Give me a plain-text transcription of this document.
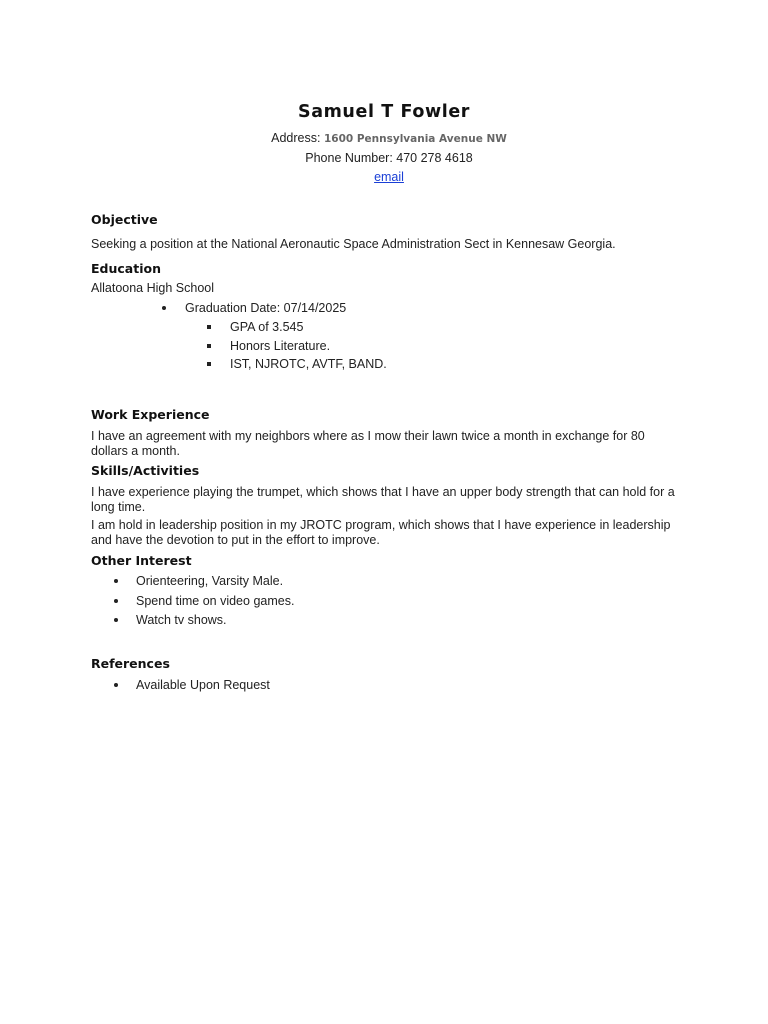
Samuel T Fowler
Address: 1600 Pennsylvania Avenue NW
Phone Number: 470 278 4618
email
Objective
Seeking a position at the National Aeronautic Space Administration Sect in Kennesaw Georgia.
Education
Allatoona High School
Graduation Date: 07/14/2025
GPA of 3.545
Honors Literature.
IST, NJROTC, AVTF, BAND.
Work Experience
I have an agreement with my neighbors where as I mow their lawn twice a month in exchange for 80 dollars a month.
Skills/Activities
I have experience playing the trumpet, which shows that I have an upper body strength that can hold for a long time.
I am hold in leadership position in my JROTC program, which shows that I have experience in leadership and have the devotion to put in the effort to improve.
Other Interest
Orienteering, Varsity Male.
Spend time on video games.
Watch tv shows.
References
Available Upon Request
